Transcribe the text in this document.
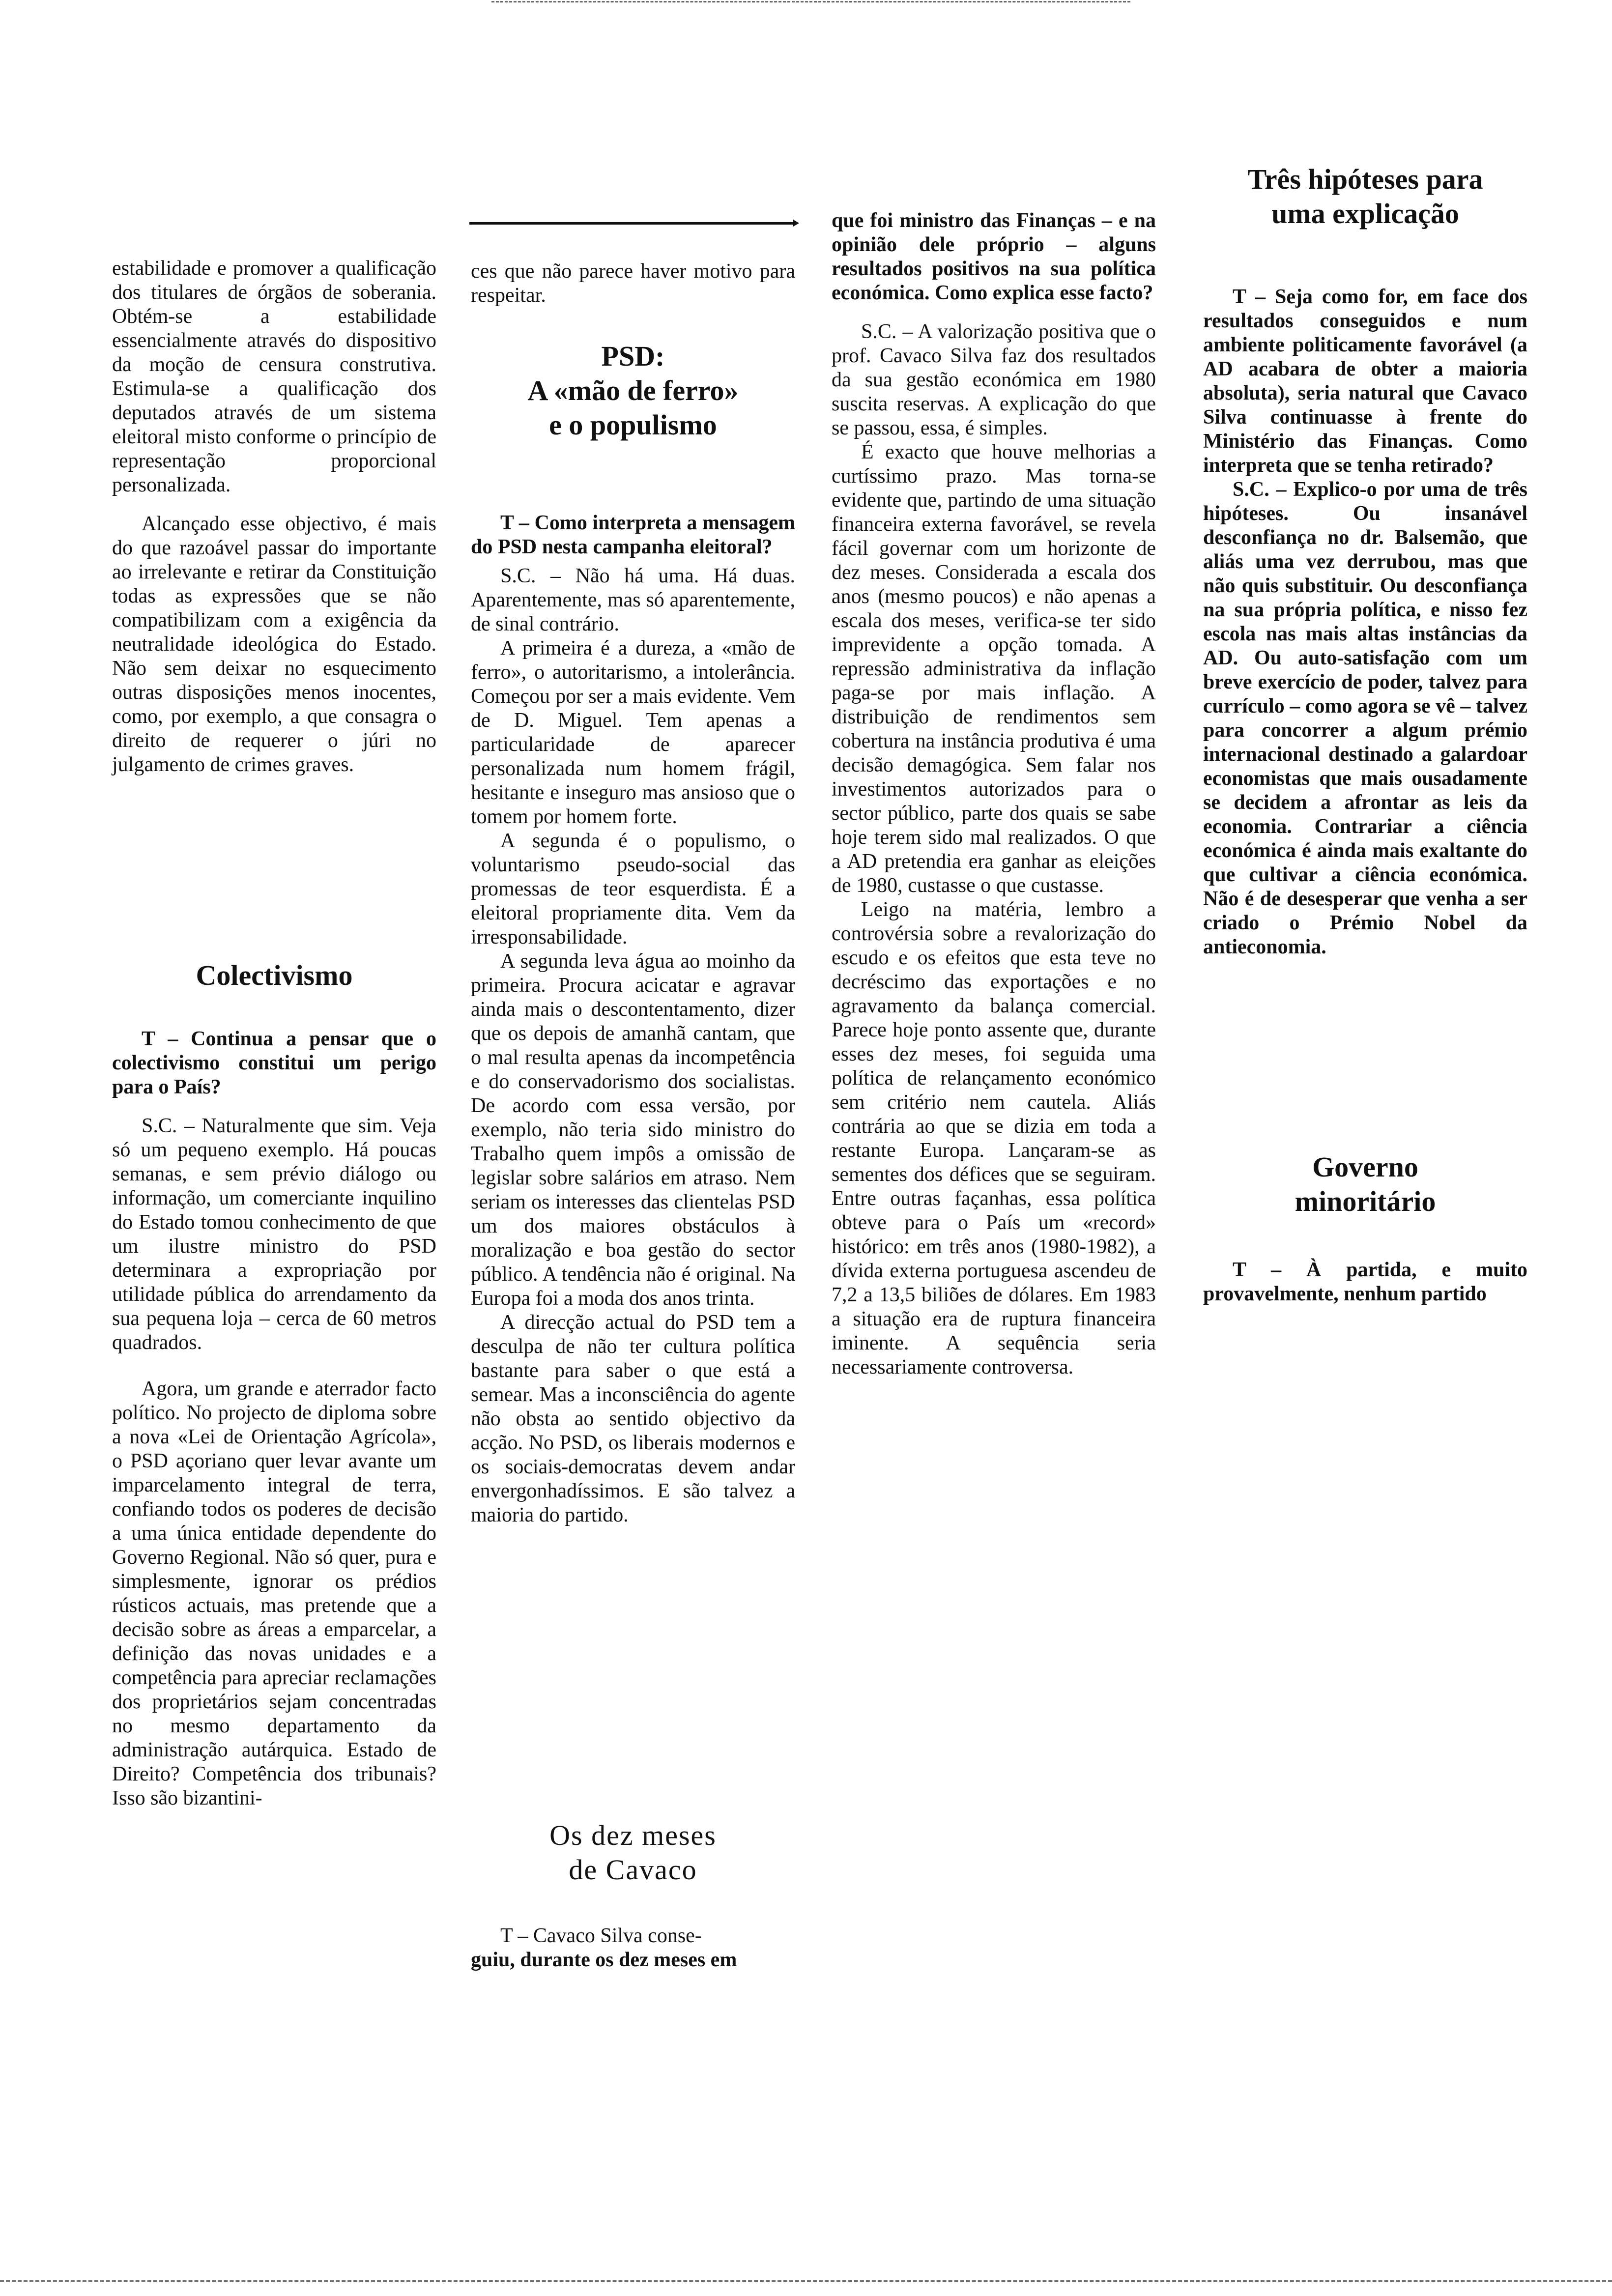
estabilidade e promover a qualificação dos titulares de órgãos de soberania. Obtém-se a estabilidade essencialmente através do dispositivo da moção de censura construtiva. Estimula-se a qualificação dos deputados através de um sistema eleitoral misto conforme o princípio de representação proporcional personalizada.

Alcançado esse objectivo, é mais do que razoável passar do importante ao irrelevante e retirar da Constituição todas as expressões que se não compatibilizam com a exigência da neutralidade ideológica do Estado. Não sem deixar no esquecimento outras disposições menos inocentes, como, por exemplo, a que consagra o direito de requerer o júri no julgamento de crimes graves.

Colectivismo

T – Continua a pensar que o colectivismo constitui um perigo para o País?

S.C. – Naturalmente que sim. Veja só um pequeno exemplo. Há poucas semanas, e sem prévio diálogo ou informação, um comerciante inquilino do Estado tomou conhecimento de que um ilustre ministro do PSD determinara a expropriação por utilidade pública do arrendamento da sua pequena loja – cerca de 60 metros quadrados.

Agora, um grande e aterrador facto político. No projecto de diploma sobre a nova «Lei de Orientação Agrícola», o PSD açoriano quer levar avante um imparcelamento integral de terra, confiando todos os poderes de decisão a uma única entidade dependente do Governo Regional. Não só quer, pura e simplesmente, ignorar os prédios rústicos actuais, mas pretende que a decisão sobre as áreas a emparcelar, a definição das novas unidades e a competência para apreciar reclamações dos proprietários sejam concentradas no mesmo departamento da administração autárquica. Estado de Direito? Competência dos tribunais? Isso são bizantini-

ces que não parece haver motivo para respeitar.

PSD:
A «mão de ferro»
e o populismo

T – Como interpreta a mensagem do PSD nesta campanha eleitoral?

S.C. – Não há uma. Há duas. Aparentemente, mas só aparentemente, de sinal contrário.

A primeira é a dureza, a «mão de ferro», o autoritarismo, a intolerância. Começou por ser a mais evidente. Vem de D. Miguel. Tem apenas a particularidade de aparecer personalizada num homem frágil, hesitante e inseguro mas ansioso que o tomem por homem forte.

A segunda é o populismo, o voluntarismo pseudo-social das promessas de teor esquerdista. É a eleitoral propriamente dita. Vem da irresponsabilidade.

A segunda leva água ao moinho da primeira. Procura acicatar e agravar ainda mais o descontentamento, dizer que os depois de amanhã cantam, que o mal resulta apenas da incompetência e do conservadorismo dos socialistas. De acordo com essa versão, por exemplo, não teria sido ministro do Trabalho quem impôs a omissão de legislar sobre salários em atraso. Nem seriam os interesses das clientelas PSD um dos maiores obstáculos à moralização e boa gestão do sector público. A tendência não é original. Na Europa foi a moda dos anos trinta.

A direcção actual do PSD tem a desculpa de não ter cultura política bastante para saber o que está a semear. Mas a inconsciência do agente não obsta ao sentido objectivo da acção. No PSD, os liberais modernos e os sociais-democratas devem andar envergonhadíssimos. E são talvez a maioria do partido.

Os dez meses
de Cavaco

T – Cavaco Silva conse-
guiu, durante os dez meses em

que foi ministro das Finanças – e na opinião dele próprio – alguns resultados positivos na sua política económica. Como explica esse facto?

S.C. – A valorização positiva que o prof. Cavaco Silva faz dos resultados da sua gestão económica em 1980 suscita reservas. A explicação do que se passou, essa, é simples.

É exacto que houve melhorias a curtíssimo prazo. Mas torna-se evidente que, partindo de uma situação financeira externa favorável, se revela fácil governar com um horizonte de dez meses. Considerada a escala dos anos (mesmo poucos) e não apenas a escala dos meses, verifica-se ter sido imprevidente a opção tomada. A repressão administrativa da inflação paga-se por mais inflação. A distribuição de rendimentos sem cobertura na instância produtiva é uma decisão demagógica. Sem falar nos investimentos autorizados para o sector público, parte dos quais se sabe hoje terem sido mal realizados. O que a AD pretendia era ganhar as eleições de 1980, custasse o que custasse.

Leigo na matéria, lembro a controvérsia sobre a revalorização do escudo e os efeitos que esta teve no decréscimo das exportações e no agravamento da balança comercial. Parece hoje ponto assente que, durante esses dez meses, foi seguida uma política de relançamento económico sem critério nem cautela. Aliás contrária ao que se dizia em toda a restante Europa. Lançaram-se as sementes dos défices que se seguiram. Entre outras façanhas, essa política obteve para o País um «record» histórico: em três anos (1980-1982), a dívida externa portuguesa ascendeu de 7,2 a 13,5 biliões de dólares. Em 1983 a situação era de ruptura financeira iminente. A sequência seria necessariamente controversa.

Três hipóteses para
uma explicação

T – Seja como for, em face dos resultados conseguidos e num ambiente politicamente favorável (a AD acabara de obter a maioria absoluta), seria natural que Cavaco Silva continuasse à frente do Ministério das Finanças. Como interpreta que se tenha retirado?

S.C. – Explico-o por uma de três hipóteses. Ou insanável desconfiança no dr. Balsemão, que aliás uma vez derrubou, mas que não quis substituir. Ou desconfiança na sua própria política, e nisso fez escola nas mais altas instâncias da AD. Ou auto-satisfação com um breve exercício de poder, talvez para currículo – como agora se vê – talvez para concorrer a algum prémio internacional destinado a galardoar economistas que mais ousadamente se decidem a afrontar as leis da economia. Contrariar a ciência económica é ainda mais exaltante do que cultivar a ciência económica. Não é de desesperar que venha a ser criado o Prémio Nobel da antieconomia.

Governo
minoritário

T – À partida, e muito provavelmente, nenhum partido
